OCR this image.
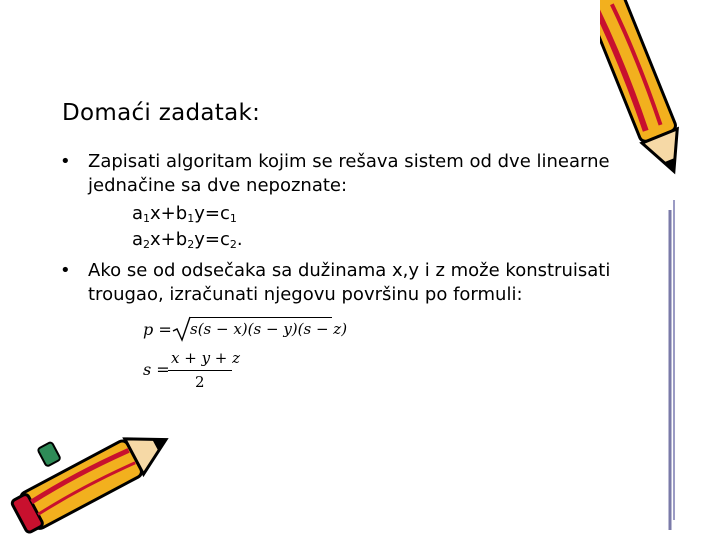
Domaći zadatak:
• Zapisati algoritam kojim se rešava sistem od dve linearne
jednačine sa dve nepoznate:
$a_1x+b_1y=c_1$
$a_2x+b_2y=c_2$.
• Ako se od odsečaka sa dužinama x,y i z može konstruisati
trougao, izračunati njegovu površinu po formuli:
p = s(s − x)(s − y)(s − z)
s =
x + y + z
2
